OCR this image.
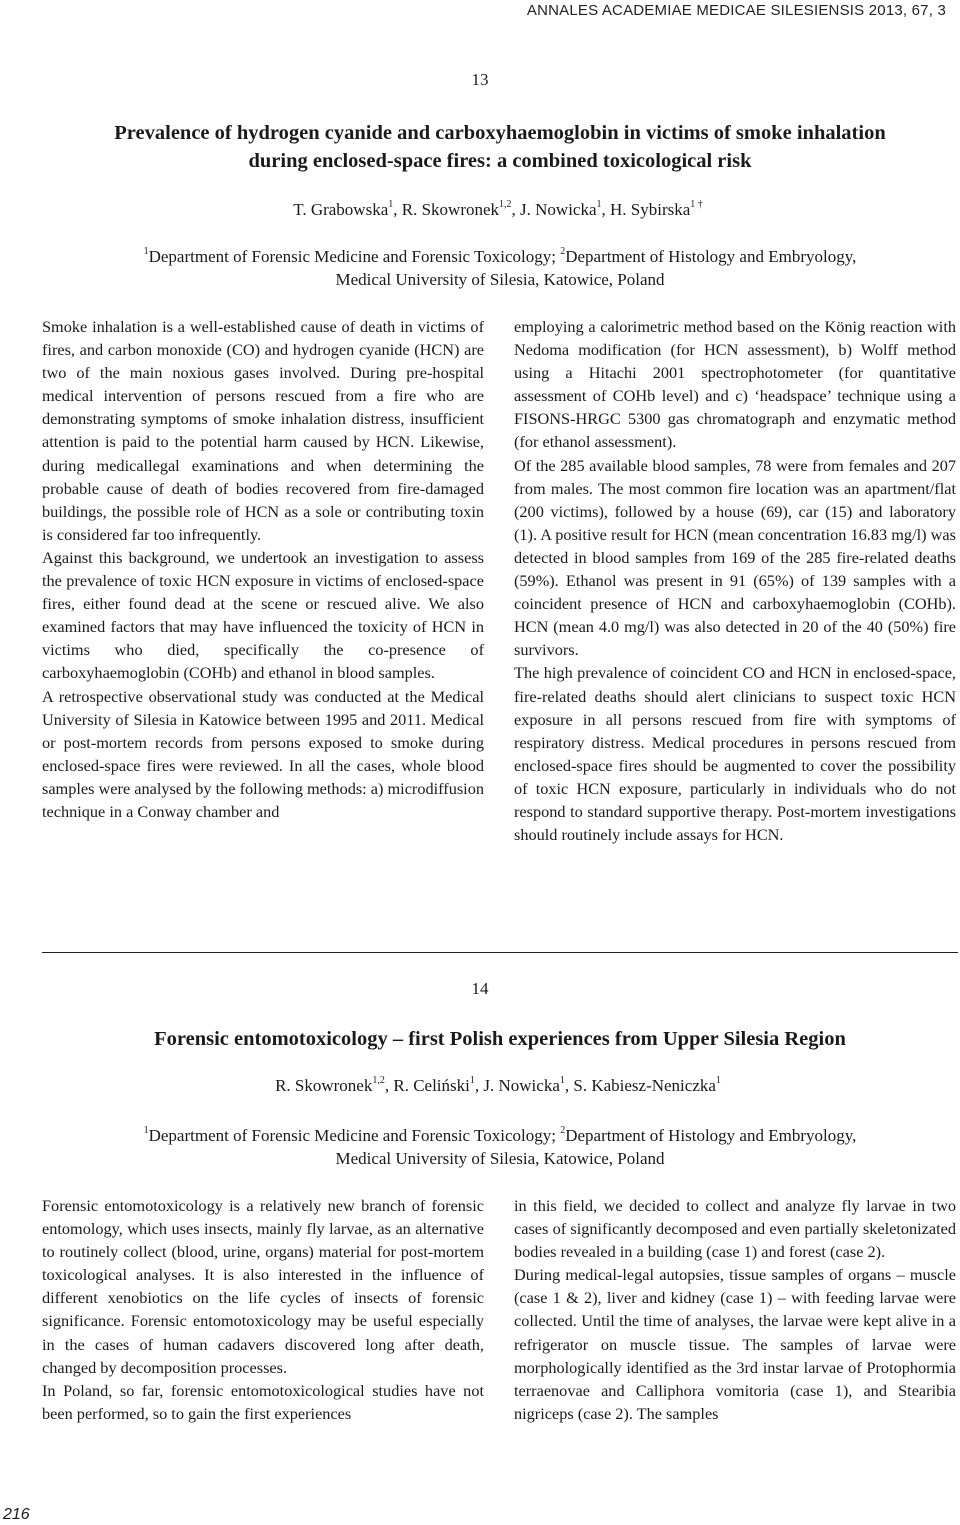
ANNALES ACADEMIAE MEDICAE SILESIENSIS 2013, 67, 3
13
Prevalence of hydrogen cyanide and carboxyhaemoglobin in victims of smoke inhalation
during enclosed-space fires: a combined toxicological risk
T. Grabowska$^1$, R. Skowronek$^{1,2}$, J. Nowicka$^1$, H. Sybirska$^{1 \dagger}$
$^1$Department of Forensic Medicine and Forensic Toxicology; $^2$Department of Histology and Embryology,
Medical University of Silesia, Katowice, Poland

Smoke inhalation is a well-established cause of death in victims of fires, and carbon monoxide (CO) and hydrogen cyanide (HCN) are two of the main noxious gases involved. During pre-hospital medical intervention of persons rescued from a fire who are demonstrating symptoms of smoke inhalation distress, insufficient attention is paid to the potential harm caused by HCN. Likewise, during medicallegal examinations and when determining the probable cause of death of bodies recovered from fire-damaged buildings, the possible role of HCN as a sole or contributing toxin is considered far too infrequently.

Against this background, we undertook an investigation to assess the prevalence of toxic HCN exposure in victims of enclosed-space fires, either found dead at the scene or rescued alive. We also examined factors that may have influenced the toxicity of HCN in victims who died, specifically the co-presence of carboxyhaemoglobin (COHb) and ethanol in blood samples.

A retrospective observational study was conducted at the Medical University of Silesia in Katowice between 1995 and 2011. Medical or post-mortem records from persons exposed to smoke during enclosed-space fires were reviewed. In all the cases, whole blood samples were analysed by the following methods: a) microdiffusion technique in a Conway chamber and

employing a calorimetric method based on the König reaction with Nedoma modification (for HCN assessment), b) Wolff method using a Hitachi 2001 spectrophotometer (for quantitative assessment of COHb level) and c) ‘headspace’ technique using a FISONS-HRGC 5300 gas chromatograph and enzymatic method (for ethanol assessment).

Of the 285 available blood samples, 78 were from females and 207 from males. The most common fire location was an apartment/flat (200 victims), followed by a house (69), car (15) and laboratory (1). A positive result for HCN (mean concentration 16.83 mg/l) was detected in blood samples from 169 of the 285 fire-related deaths (59%). Ethanol was present in 91 (65%) of 139 samples with a coincident presence of HCN and carboxyhaemoglobin (COHb). HCN (mean 4.0 mg/l) was also detected in 20 of the 40 (50%) fire survivors.

The high prevalence of coincident CO and HCN in enclosed-space, fire-related deaths should alert clinicians to suspect toxic HCN exposure in all persons rescued from fire with symptoms of respiratory distress. Medical procedures in persons rescued from enclosed-space fires should be augmented to cover the possibility of toxic HCN exposure, particularly in individuals who do not respond to standard supportive therapy. Post-mortem investigations should routinely include assays for HCN.

14
Forensic entomotoxicology – first Polish experiences from Upper Silesia Region
R. Skowronek$^{1,2}$, R. Celiński$^1$, J. Nowicka$^1$, S. Kabiesz-Neniczka$^1$
$^1$Department of Forensic Medicine and Forensic Toxicology; $^2$Department of Histology and Embryology,
Medical University of Silesia, Katowice, Poland

Forensic entomotoxicology is a relatively new branch of forensic entomology, which uses insects, mainly fly larvae, as an alternative to routinely collect (blood, urine, organs) material for post-mortem toxicological analyses. It is also interested in the influence of different xenobiotics on the life cycles of insects of forensic significance. Forensic entomotoxicology may be useful especially in the cases of human cadavers discovered long after death, changed by decomposition processes.

In Poland, so far, forensic entomotoxicological studies have not been performed, so to gain the first experiences

in this field, we decided to collect and analyze fly larvae in two cases of significantly decomposed and even partially skeletonizated bodies revealed in a building (case 1) and forest (case 2).

During medical-legal autopsies, tissue samples of organs – muscle (case 1 & 2), liver and kidney (case 1) – with feeding larvae were collected. Until the time of analyses, the larvae were kept alive in a refrigerator on muscle tissue. The samples of larvae were morphologically identified as the 3rd instar larvae of Protophormia terraenovae and Calliphora vomitoria (case 1), and Stearibia nigriceps (case 2). The samples

216
